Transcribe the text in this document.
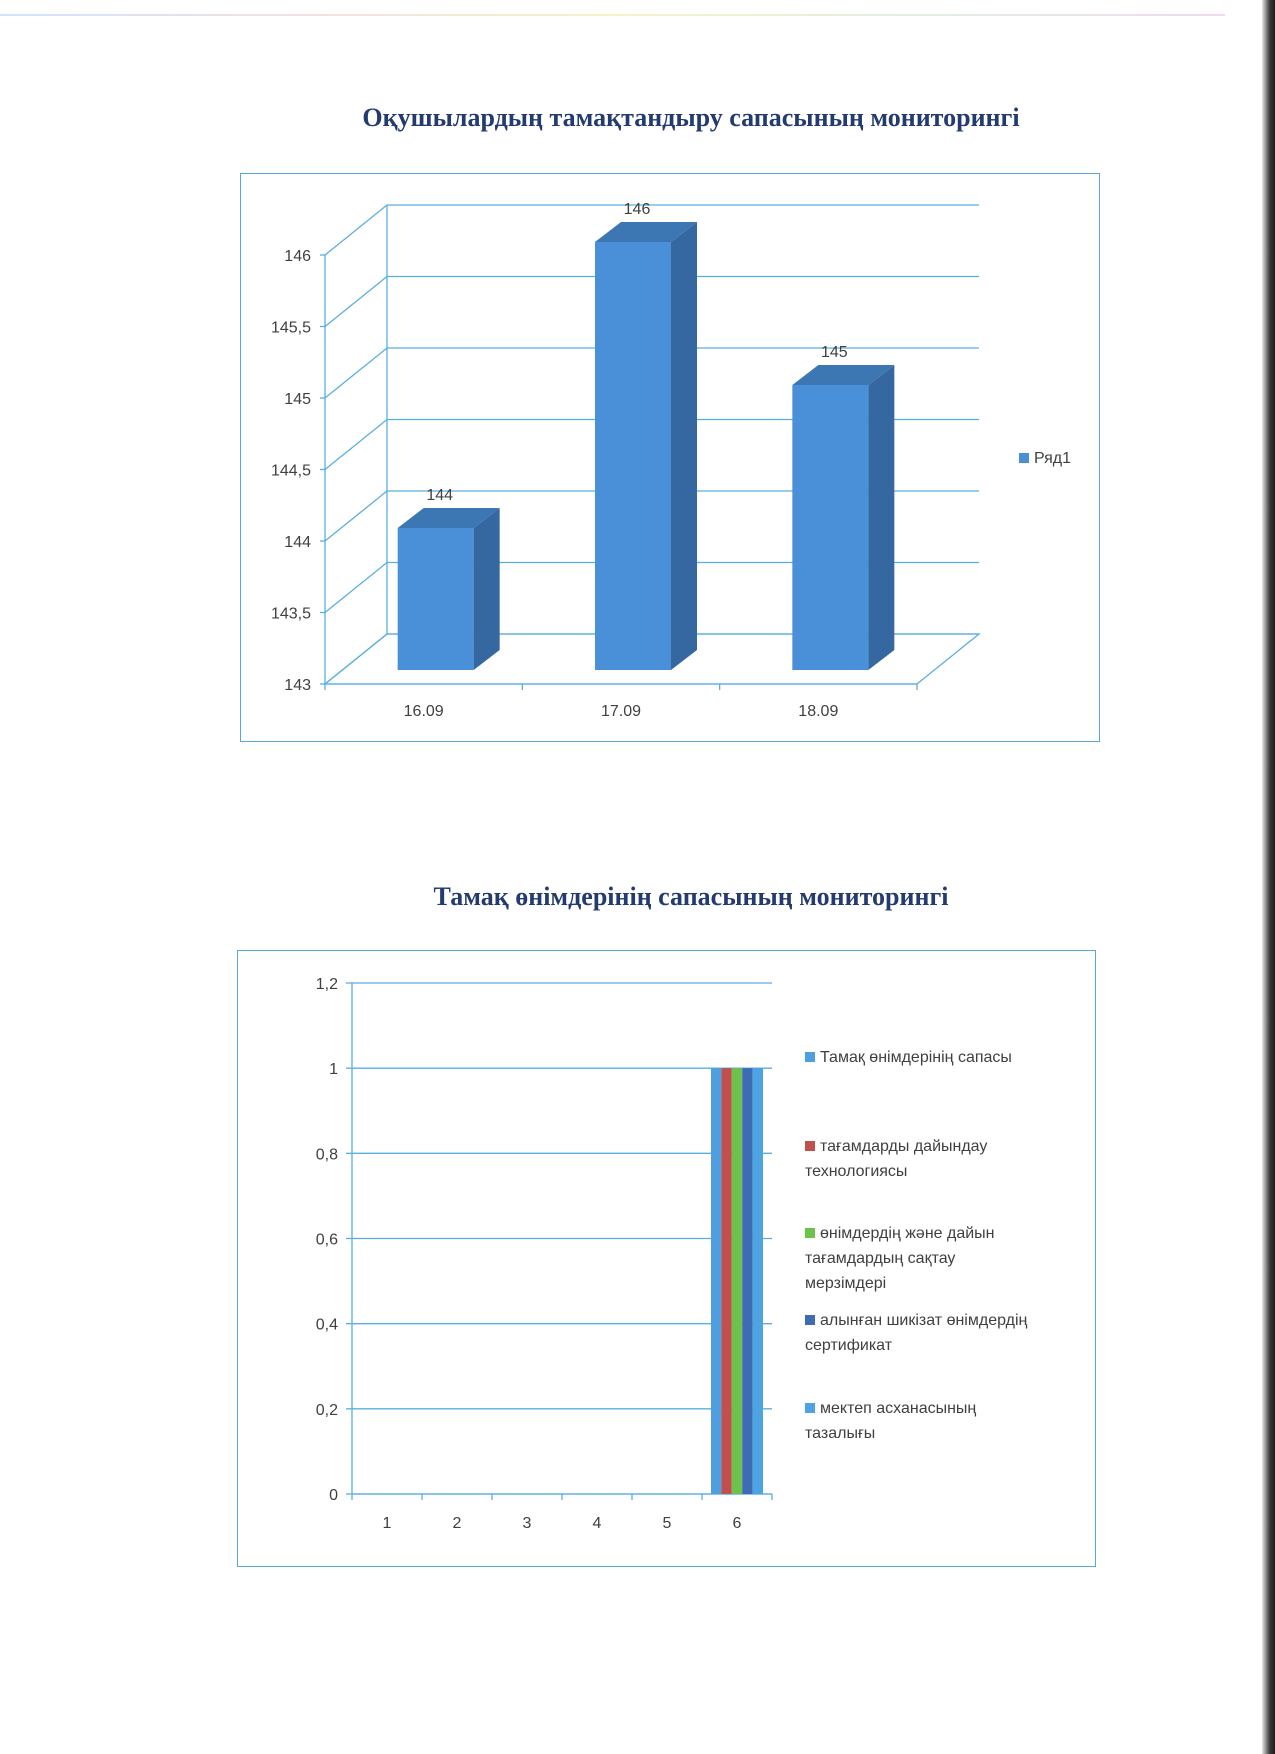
Оқушылардың тамақтандыру сапасының мониторингі
143
143,5
144
144,5
145
145,5
146
144
16.09
146
17.09
145
18.09
Ряд1
Тамақ өнімдерінің сапасының мониторингі
0
0,2
0,4
0,6
0,8
1
1,2
1	2	3	4	5	6
Тамақ өнімдерінің сапасы
тағамдарды дайындау
технологиясы
өнімдердің және дайын
тағамдардың сақтау
мерзімдері
алынған шикізат өнімдердің
сертификат
мектеп асханасының
тазалығы
